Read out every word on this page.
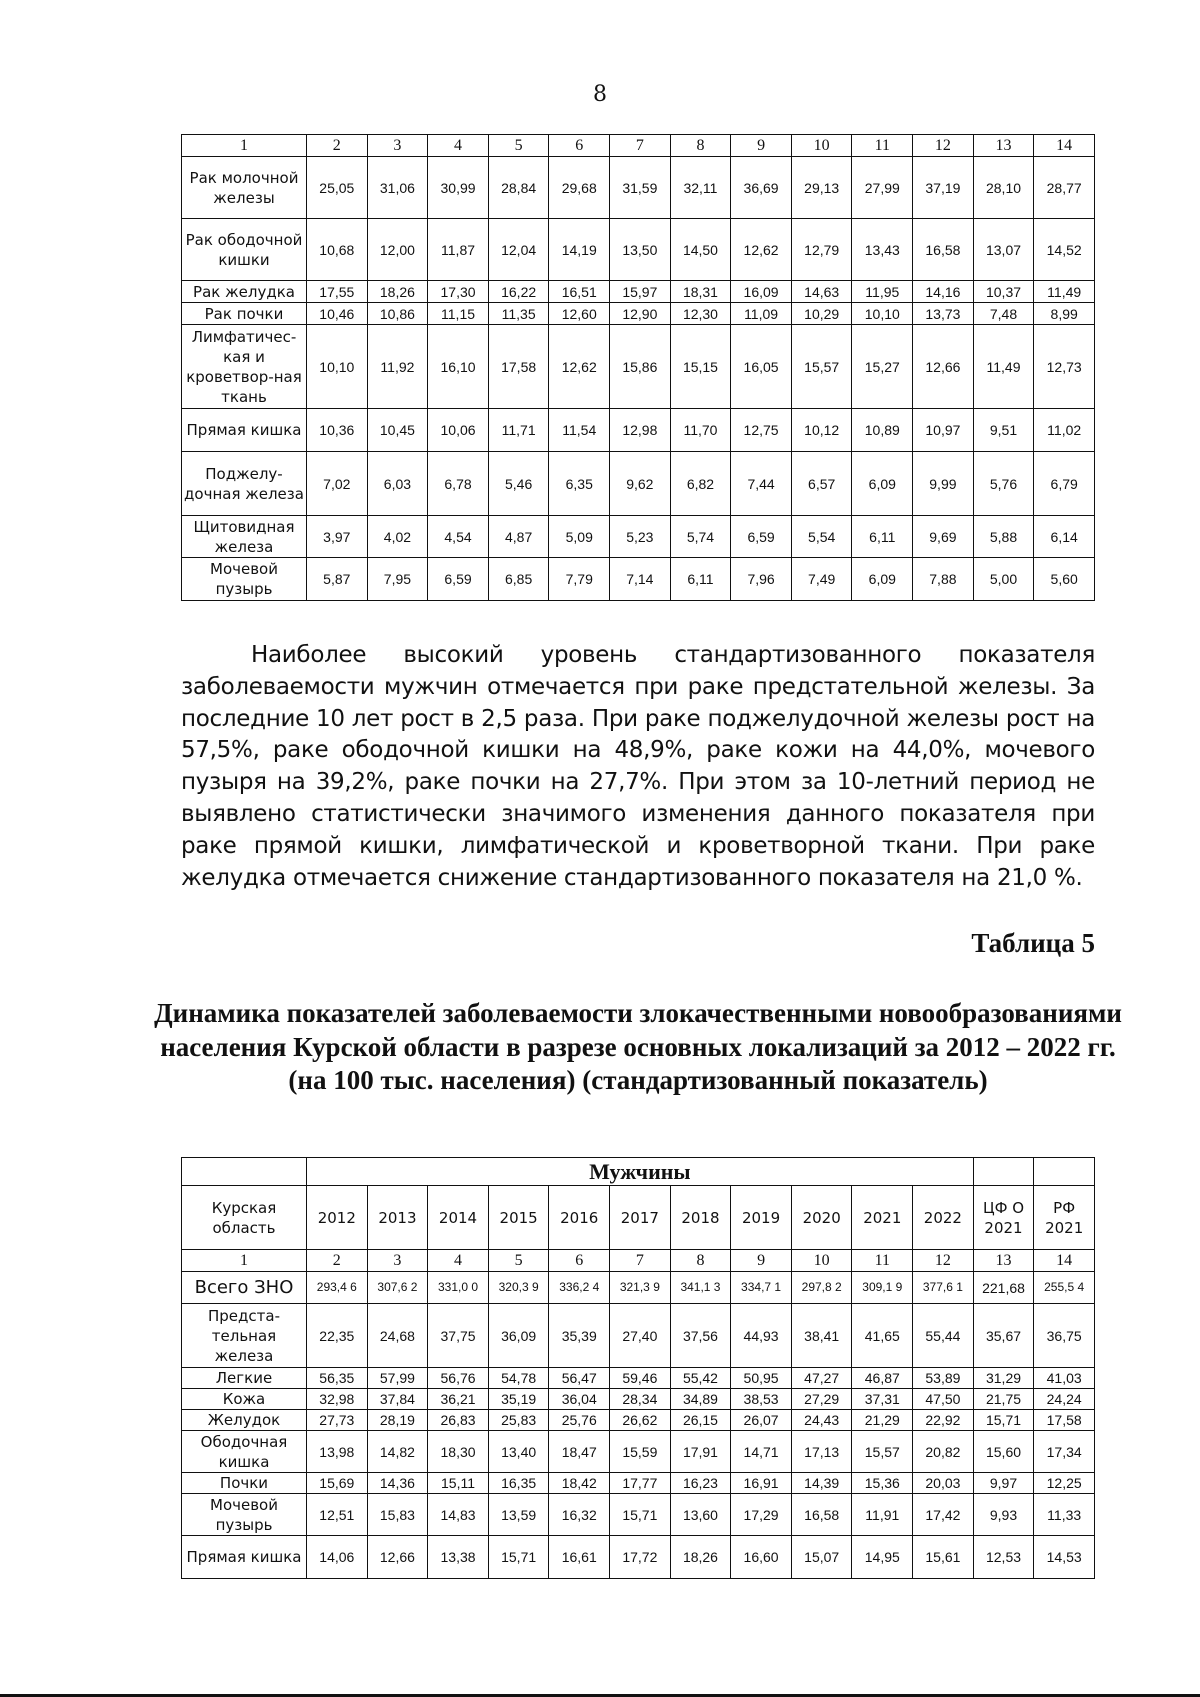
8
1	2	3	4	5	6	7	8	9	10	11	12	13	14
Рак молочной железы	25,05	31,06	30,99	28,84	29,68	31,59	32,11	36,69	29,13	27,99	37,19	28,10	28,77
Рак ободочной кишки	10,68	12,00	11,87	12,04	14,19	13,50	14,50	12,62	12,79	13,43	16,58	13,07	14,52
Рак желудка	17,55	18,26	17,30	16,22	16,51	15,97	18,31	16,09	14,63	11,95	14,16	10,37	11,49
Рак почки	10,46	10,86	11,15	11,35	12,60	12,90	12,30	11,09	10,29	10,10	13,73	7,48	8,99
Лимфатичес-кая и кроветвор-ная ткань	10,10	11,92	16,10	17,58	12,62	15,86	15,15	16,05	15,57	15,27	12,66	11,49	12,73
Прямая кишка	10,36	10,45	10,06	11,71	11,54	12,98	11,70	12,75	10,12	10,89	10,97	9,51	11,02
Поджелу-дочная железа	7,02	6,03	6,78	5,46	6,35	9,62	6,82	7,44	6,57	6,09	9,99	5,76	6,79
Щитовидная железа	3,97	4,02	4,54	4,87	5,09	5,23	5,74	6,59	5,54	6,11	9,69	5,88	6,14
Мочевой пузырь	5,87	7,95	6,59	6,85	7,79	7,14	6,11	7,96	7,49	6,09	7,88	5,00	5,60
Наиболее высокий уровень стандартизованного показателя заболеваемости мужчин отмечается при раке предстательной железы. За последние 10 лет рост в 2,5 раза. При раке поджелудочной железы рост на 57,5%, раке ободочной кишки на 48,9%, раке кожи на 44,0%, мочевого пузыря на 39,2%, раке почки на 27,7%. При этом за 10-летний период не выявлено статистически значимого изменения данного показателя при раке прямой кишки, лимфатической и кроветворной ткани. При раке желудка отмечается снижение стандартизованного показателя на 21,0 %.
Таблица 5
Динамика показателей заболеваемости злокачественными новообразованиями населения Курской области в разрезе основных локализаций за 2012 – 2022 гг. (на 100 тыс. населения) (стандартизованный показатель)
	Мужчины												
Курская область	2012	2013	2014	2015	2016	2017	2018	2019	2020	2021	2022	ЦФ О 2021	РФ 2021
1	2	3	4	5	6	7	8	9	10	11	12	13	14
Всего ЗНО	293,4 6	307,6 2	331,0 0	320,3 9	336,2 4	321,3 9	341,1 3	334,7 1	297,8 2	309,1 9	377,6 1	221,68	255,5 4
Предста-тельная железа	22,35	24,68	37,75	36,09	35,39	27,40	37,56	44,93	38,41	41,65	55,44	35,67	36,75
Легкие	56,35	57,99	56,76	54,78	56,47	59,46	55,42	50,95	47,27	46,87	53,89	31,29	41,03
Кожа	32,98	37,84	36,21	35,19	36,04	28,34	34,89	38,53	27,29	37,31	47,50	21,75	24,24
Желудок	27,73	28,19	26,83	25,83	25,76	26,62	26,15	26,07	24,43	21,29	22,92	15,71	17,58
Ободочная кишка	13,98	14,82	18,30	13,40	18,47	15,59	17,91	14,71	17,13	15,57	20,82	15,60	17,34
Почки	15,69	14,36	15,11	16,35	18,42	17,77	16,23	16,91	14,39	15,36	20,03	9,97	12,25
Мочевой пузырь	12,51	15,83	14,83	13,59	16,32	15,71	13,60	17,29	16,58	11,91	17,42	9,93	11,33
Прямая кишка	14,06	12,66	13,38	15,71	16,61	17,72	18,26	16,60	15,07	14,95	15,61	12,53	14,53
